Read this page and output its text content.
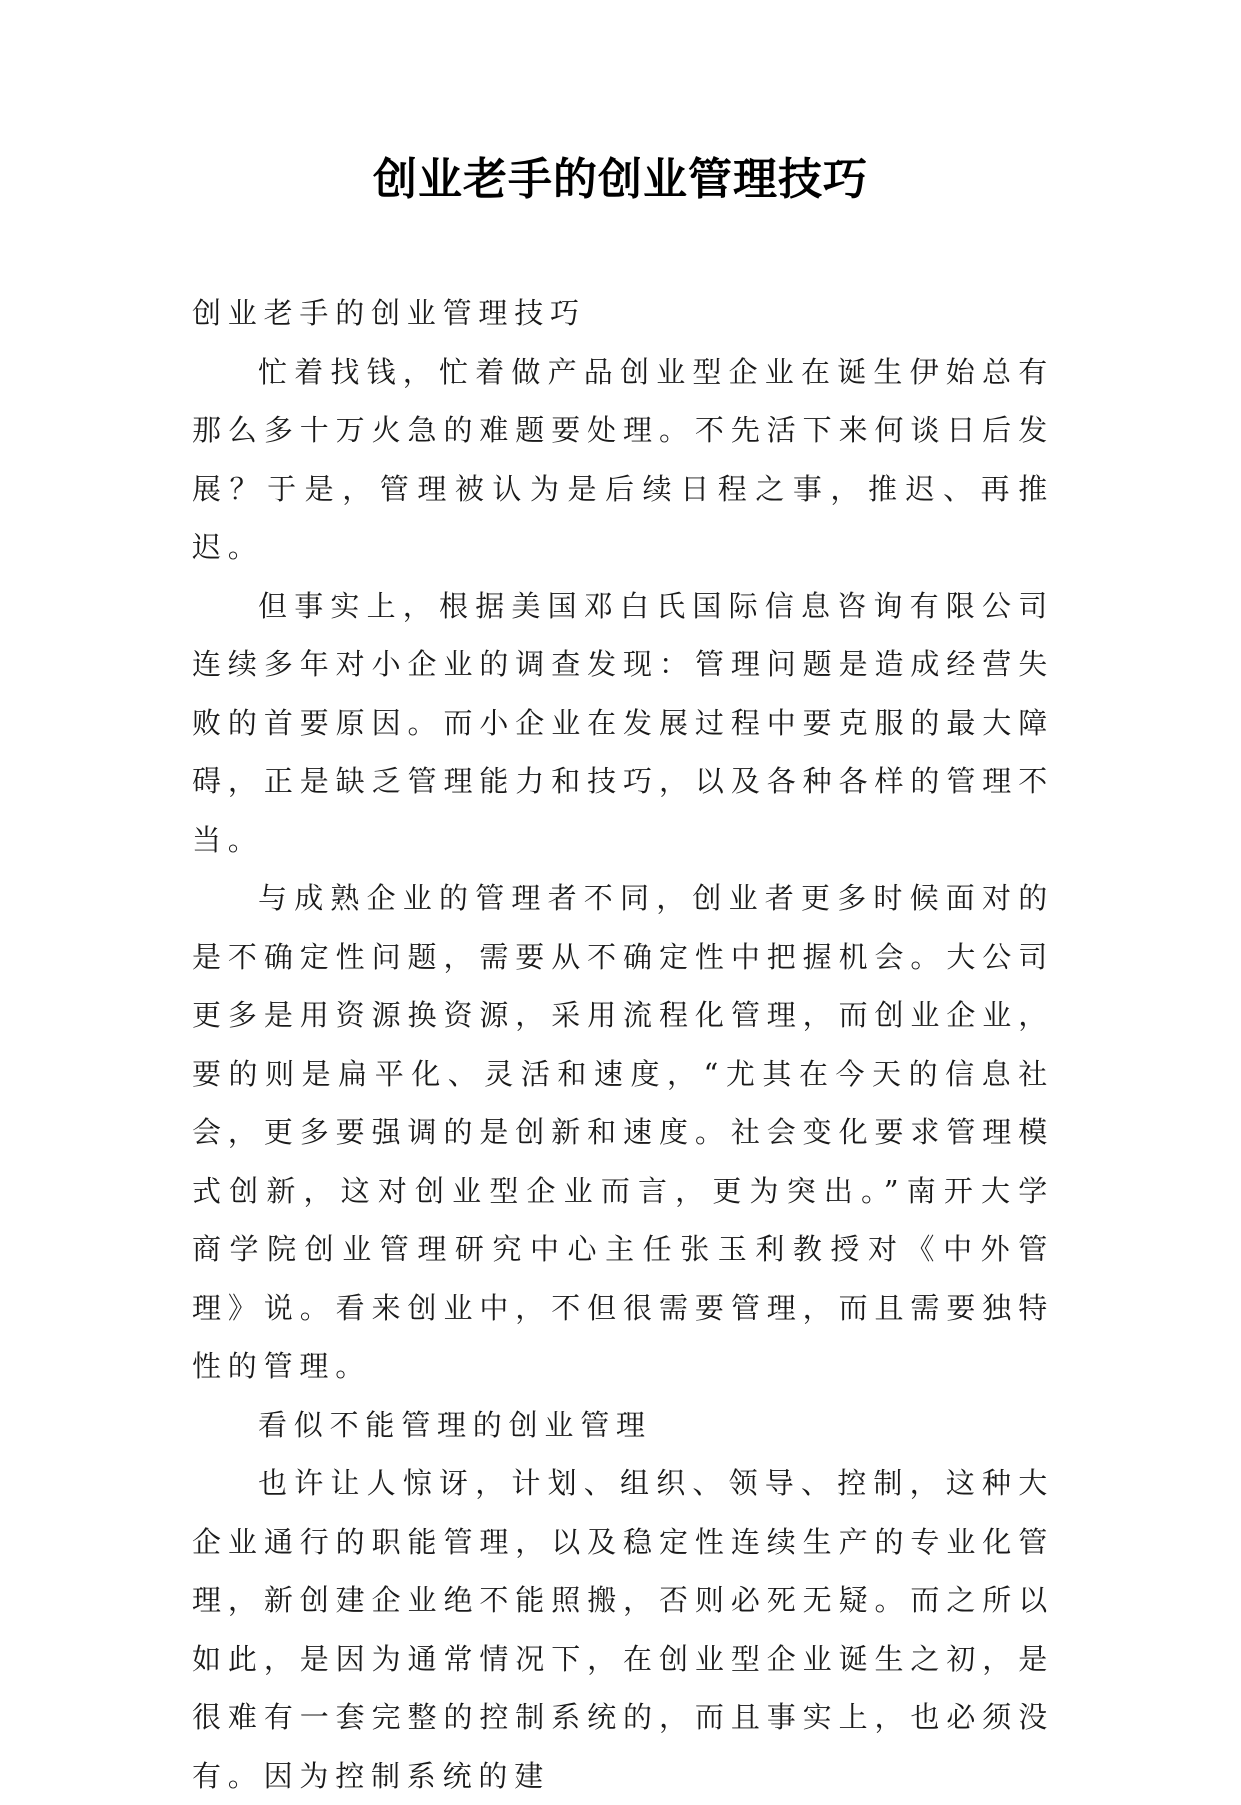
创业老手的创业管理技巧

创业老手的创业管理技巧

忙着找钱，忙着做产品创业型企业在诞生伊始总有那么多十万火急的难题要处理。不先活下来何谈日后发展？于是，管理被认为是后续日程之事，推迟、再推迟。

但事实上，根据美国邓白氏国际信息咨询有限公司连续多年对小企业的调查发现：管理问题是造成经营失败的首要原因。而小企业在发展过程中要克服的最大障碍，正是缺乏管理能力和技巧，以及各种各样的管理不当。

与成熟企业的管理者不同，创业者更多时候面对的是不确定性问题，需要从不确定性中把握机会。大公司更多是用资源换资源，采用流程化管理，而创业企业，要的则是扁平化、灵活和速度，“尤其在今天的信息社会，更多要强调的是创新和速度。社会变化要求管理模式创新，这对创业型企业而言，更为突出。”南开大学商学院创业管理研究中心主任张玉利教授对《中外管理》说。看来创业中，不但很需要管理，而且需要独特性的管理。

看似不能管理的创业管理

也许让人惊讶，计划、组织、领导、控制，这种大企业通行的职能管理，以及稳定性连续生产的专业化管理，新创建企业绝不能照搬，否则必死无疑。而之所以如此，是因为通常情况下，在创业型企业诞生之初，是很难有一套完整的控制系统的，而且事实上，也必须没有。因为控制系统的建
